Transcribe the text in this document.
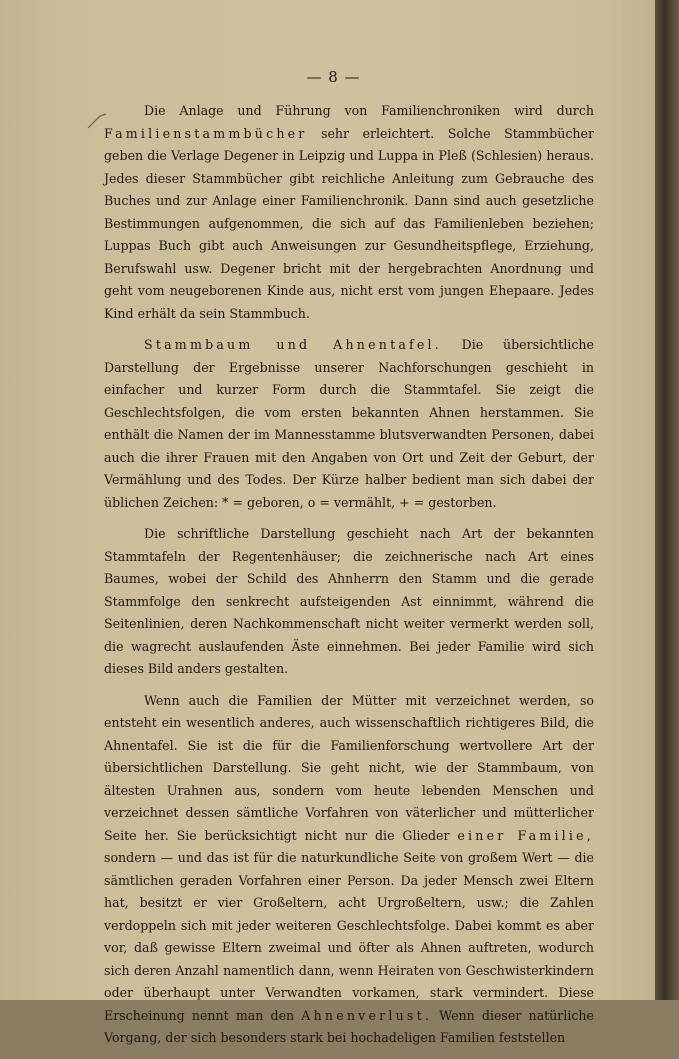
— 8 —

Die Anlage und Führung von Familienchroniken wird durch Familienstammbücher sehr erleichtert. Solche Stammbücher geben die Verlage Degener in Leipzig und Luppa in Pleß (Schlesien) heraus. Jedes dieser Stammbücher gibt reichliche Anleitung zum Gebrauche des Buches und zur Anlage einer Familienchronik. Dann sind auch gesetzliche Bestimmungen aufgenommen, die sich auf das Familienleben beziehen; Luppas Buch gibt auch Anweisungen zur Gesundheitspflege, Erziehung, Berufswahl usw. Degener bricht mit der hergebrachten Anordnung und geht vom neugeborenen Kinde aus, nicht erst vom jungen Ehepaare. Jedes Kind erhält da sein Stammbuch.

Stammbaum und Ahnentafel. Die übersichtliche Darstellung der Ergebnisse unserer Nachforschungen geschieht in einfacher und kurzer Form durch die Stammtafel. Sie zeigt die Geschlechtsfolgen, die vom ersten bekannten Ahnen herstammen. Sie enthält die Namen der im Mannesstamme blutsverwandten Personen, dabei auch die ihrer Frauen mit den Angaben von Ort und Zeit der Geburt, der Vermählung und des Todes. Der Kürze halber bedient man sich dabei der üblichen Zeichen: * = geboren, o = vermählt, + = gestorben.

Die schriftliche Darstellung geschieht nach Art der bekannten Stammtafeln der Regentenhäuser; die zeichnerische nach Art eines Baumes, wobei der Schild des Ahnherrn den Stamm und die gerade Stammfolge den senkrecht aufsteigenden Ast einnimmt, während die Seitenlinien, deren Nachkommenschaft nicht weiter vermerkt werden soll, die wagrecht auslaufenden Äste einnehmen. Bei jeder Familie wird sich dieses Bild anders gestalten.

Wenn auch die Familien der Mütter mit verzeichnet werden, so entsteht ein wesentlich anderes, auch wissenschaftlich richtigeres Bild, die Ahnentafel. Sie ist die für die Familienforschung wertvollere Art der übersichtlichen Darstellung. Sie geht nicht, wie der Stammbaum, von ältesten Urahnen aus, sondern vom heute lebenden Menschen und verzeichnet dessen sämtliche Vorfahren von väterlicher und mütterlicher Seite her. Sie berücksichtigt nicht nur die Glieder einer Familie, sondern — und das ist für die naturkundliche Seite von großem Wert — die sämtlichen geraden Vorfahren einer Person. Da jeder Mensch zwei Eltern hat, besitzt er vier Großeltern, acht Urgroßeltern, usw.; die Zahlen verdoppeln sich mit jeder weiteren Geschlechtsfolge. Dabei kommt es aber vor, daß gewisse Eltern zweimal und öfter als Ahnen auftreten, wodurch sich deren Anzahl namentlich dann, wenn Heiraten von Geschwisterkindern oder überhaupt unter Verwandten vorkamen, stark vermindert. Diese Erscheinung nennt man den Ahnenverlust. Wenn dieser natürliche Vorgang, der sich besonders stark bei hochadeligen Familien feststellen
